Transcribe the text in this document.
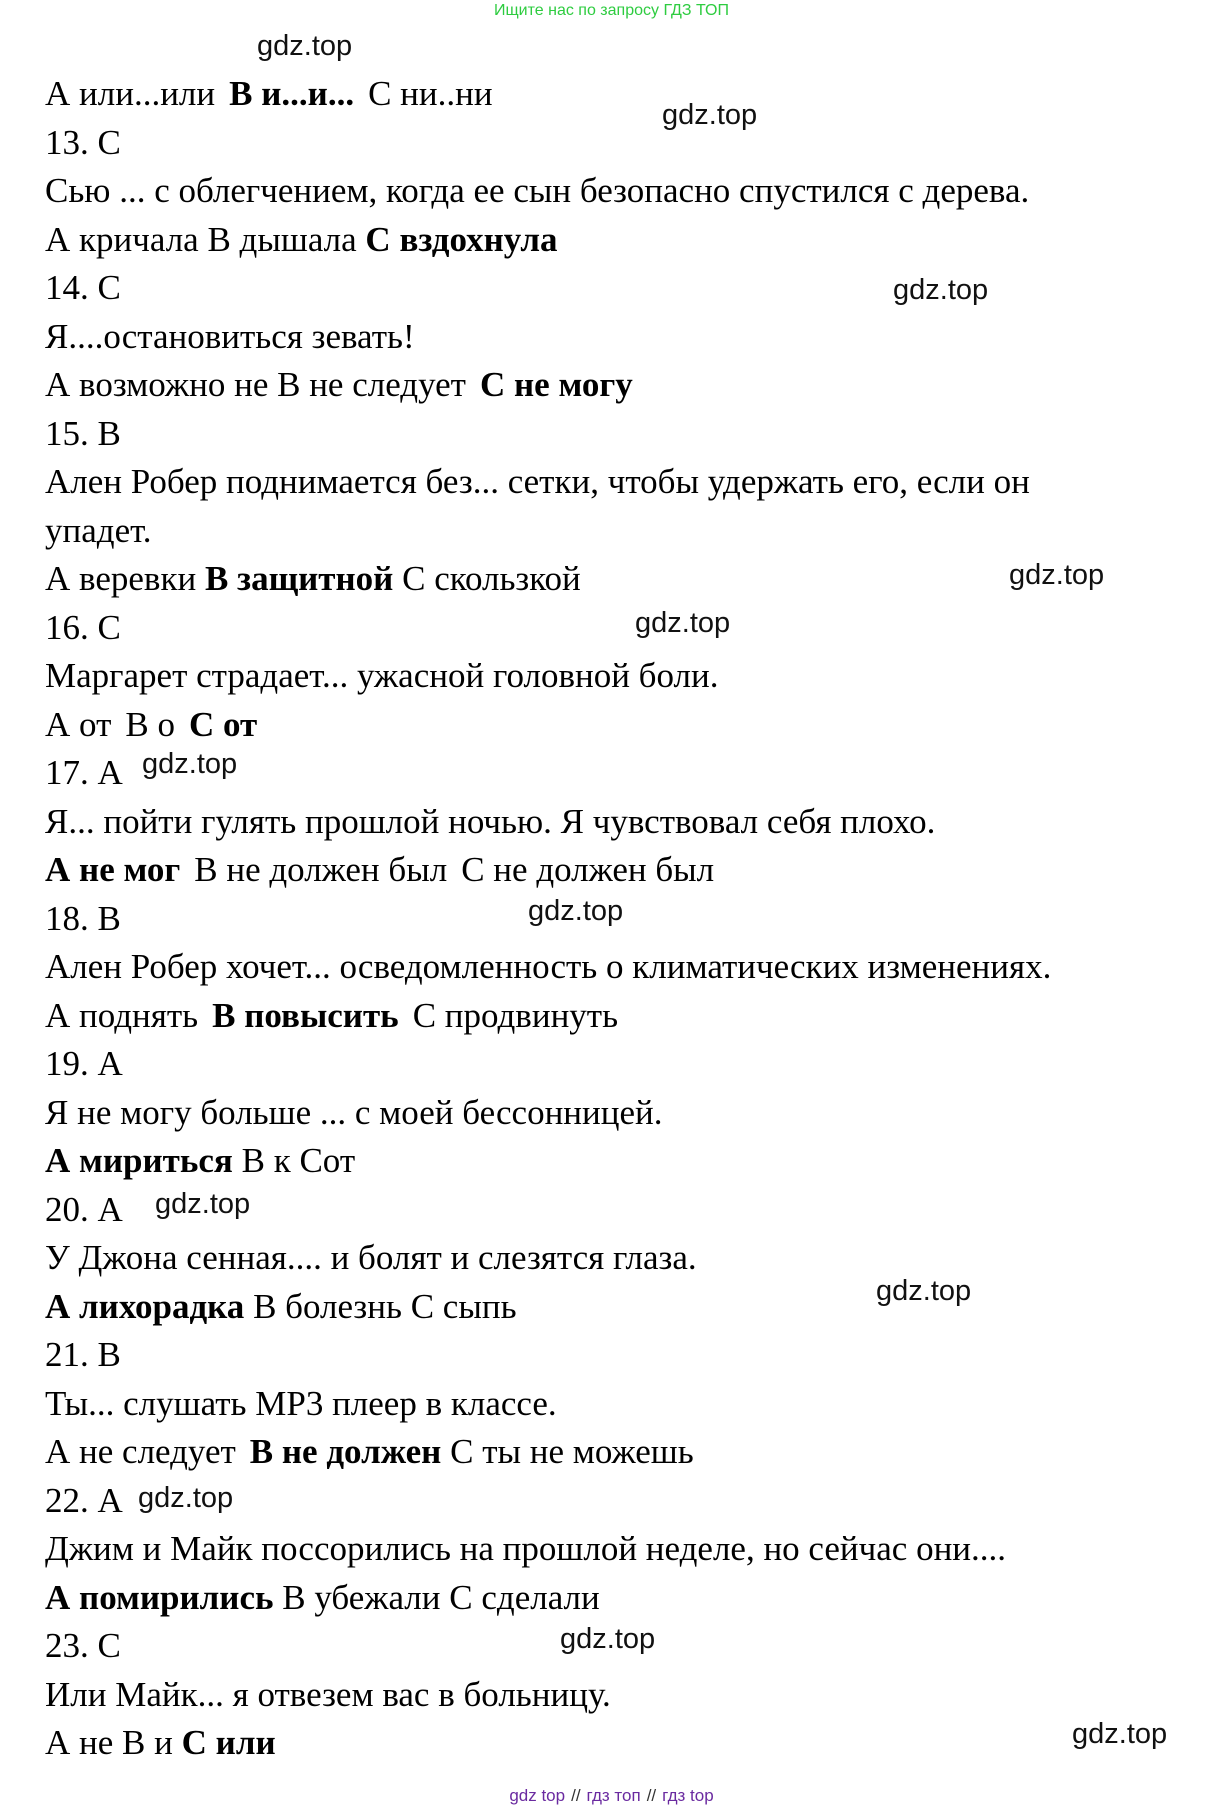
Ищите нас по запросу ГДЗ ТОП
А или...или В и...и... С ни..ни
13. С
Сью ... с облегчением, когда ее сын безопасно спустился с дерева.
А кричала В дышала С вздохнула
14. С
Я....остановиться зевать!
А возможно не В не следует С не могу
15. В
Ален Робер поднимается без... сетки, чтобы удержать его, если он
упадет.
А веревки В защитной С скользкой
16. С
Маргарет страдает... ужасной головной боли.
А от В о С от
17. А
Я... пойти гулять прошлой ночью. Я чувствовал себя плохо.
А не мог В не должен был С не должен был
18. В
Ален Робер хочет... осведомленность о климатических изменениях.
А поднять В повысить С продвинуть
19. А
Я не могу больше ... с моей бессонницей.
А мириться В к Сот
20. А
У Джона сенная.... и болят и слезятся глаза.
А лихорадка В болезнь С сыпь
21. В
Ты... слушать MP3 плеер в классе.
А не следует В не должен С ты не можешь
22. А
Джим и Майк поссорились на прошлой неделе, но сейчас они....
А помирились В убежали С сделали
23. С
Или Майк... я отвезем вас в больницу.
А не В и С или
gdz top // гдз топ // гдз top
gdz.top
gdz.top
gdz.top
gdz.top
gdz.top
gdz.top
gdz.top
gdz.top
gdz.top
gdz.top
gdz.top
gdz.top
